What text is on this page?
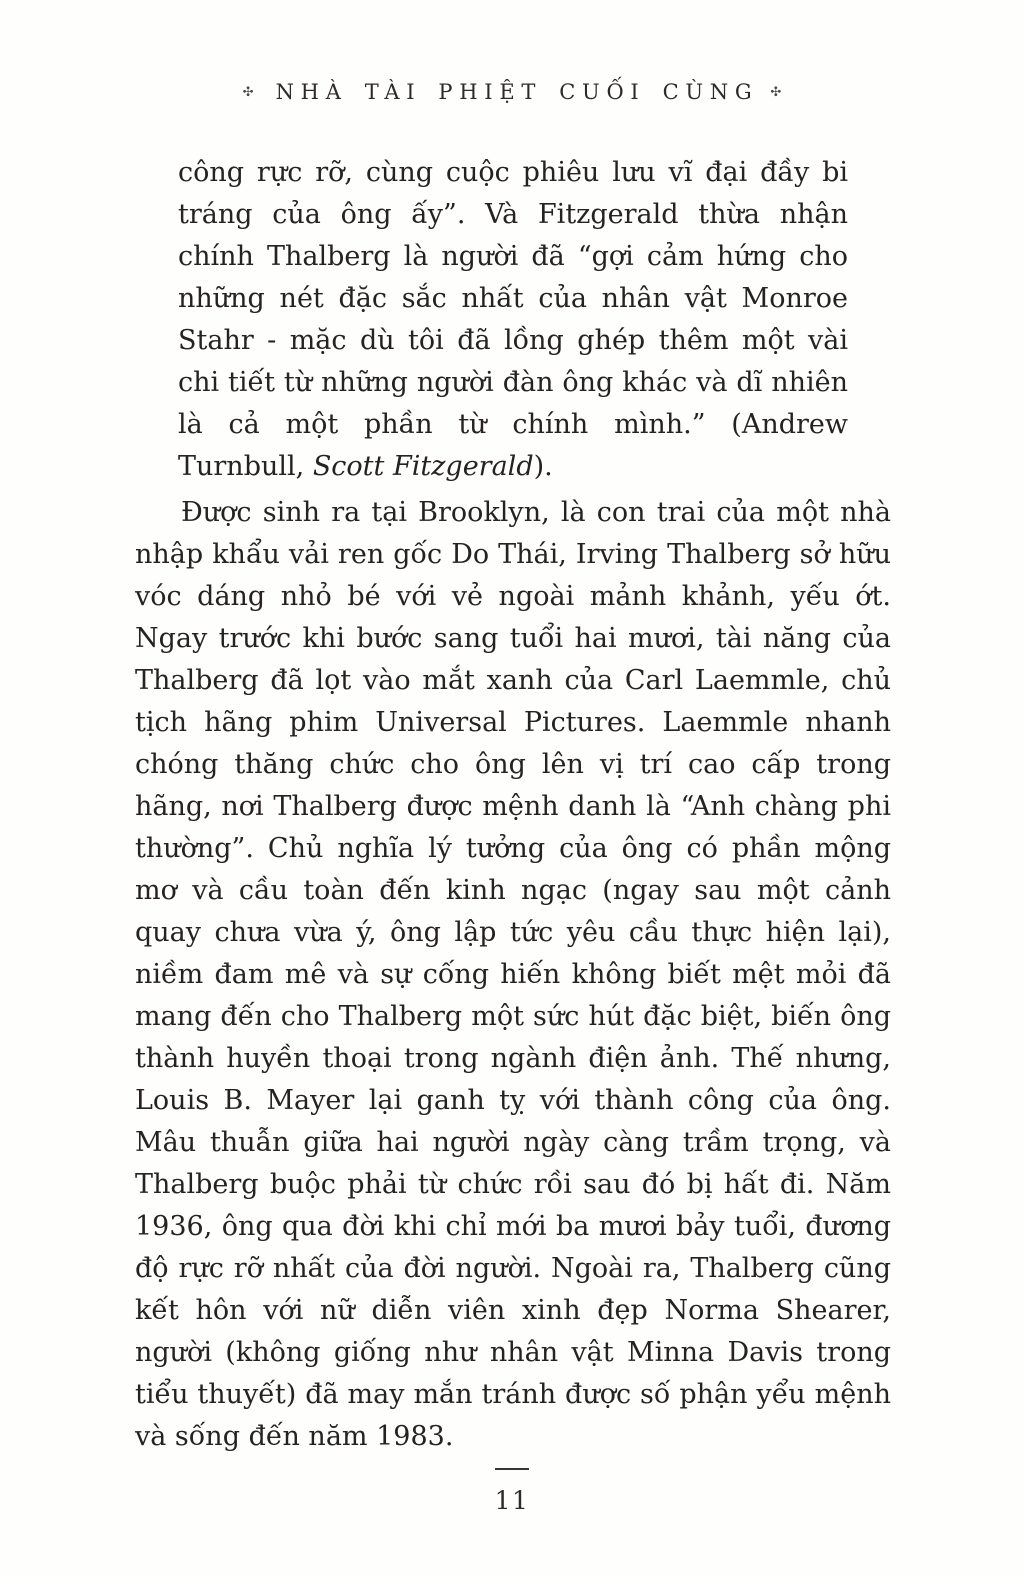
✣ NHÀ TÀI PHIỆT CUỐI CÙNG ✣

công rực rỡ, cùng cuộc phiêu lưu vĩ đại đầy bi tráng của ông ấy”. Và Fitzgerald thừa nhận chính Thalberg là người đã “gợi cảm hứng cho những nét đặc sắc nhất của nhân vật Monroe Stahr - mặc dù tôi đã lồng ghép thêm một vài chi tiết từ những người đàn ông khác và dĩ nhiên là cả một phần từ chính mình.” (Andrew Turnbull, Scott Fitzgerald).

Được sinh ra tại Brooklyn, là con trai của một nhà nhập khẩu vải ren gốc Do Thái, Irving Thalberg sở hữu vóc dáng nhỏ bé với vẻ ngoài mảnh khảnh, yếu ớt. Ngay trước khi bước sang tuổi hai mươi, tài năng của Thalberg đã lọt vào mắt xanh của Carl Laemmle, chủ tịch hãng phim Universal Pictures. Laemmle nhanh chóng thăng chức cho ông lên vị trí cao cấp trong hãng, nơi Thalberg được mệnh danh là “Anh chàng phi thường”. Chủ nghĩa lý tưởng của ông có phần mộng mơ và cầu toàn đến kinh ngạc (ngay sau một cảnh quay chưa vừa ý, ông lập tức yêu cầu thực hiện lại), niềm đam mê và sự cống hiến không biết mệt mỏi đã mang đến cho Thalberg một sức hút đặc biệt, biến ông thành huyền thoại trong ngành điện ảnh. Thế nhưng, Louis B. Mayer lại ganh tỵ với thành công của ông. Mâu thuẫn giữa hai người ngày càng trầm trọng, và Thalberg buộc phải từ chức rồi sau đó bị hất đi. Năm 1936, ông qua đời khi chỉ mới ba mươi bảy tuổi, đương độ rực rỡ nhất của đời người. Ngoài ra, Thalberg cũng kết hôn với nữ diễn viên xinh đẹp Norma Shearer, người (không giống như nhân vật Minna Davis trong tiểu thuyết) đã may mắn tránh được số phận yểu mệnh và sống đến năm 1983.

11
